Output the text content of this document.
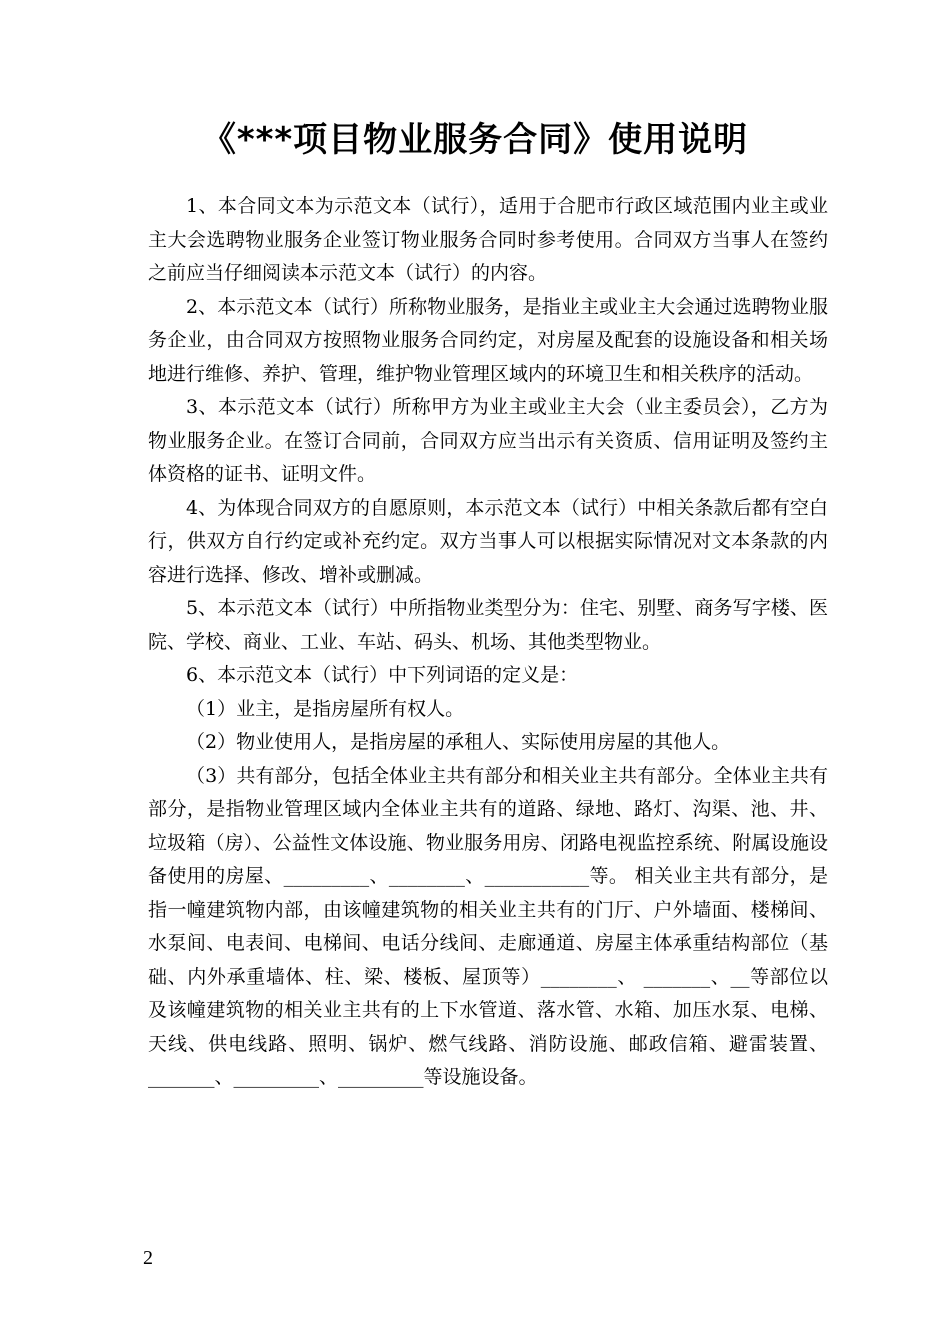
《***项目物业服务合同》使用说明

1、本合同文本为示范文本（试行），适用于合肥市行政区域范围内业主或业主大会选聘物业服务企业签订物业服务合同时参考使用。合同双方当事人在签约之前应当仔细阅读本示范文本（试行）的内容。

2、本示范文本（试行）所称物业服务，是指业主或业主大会通过选聘物业服务企业，由合同双方按照物业服务合同约定，对房屋及配套的设施设备和相关场地进行维修、养护、管理，维护物业管理区域内的环境卫生和相关秩序的活动。

3、本示范文本（试行）所称甲方为业主或业主大会（业主委员会），乙方为物业服务企业。在签订合同前，合同双方应当出示有关资质、信用证明及签约主体资格的证书、证明文件。

4、为体现合同双方的自愿原则，本示范文本（试行）中相关条款后都有空白行，供双方自行约定或补充约定。双方当事人可以根据实际情况对文本条款的内容进行选择、修改、增补或删减。

5、本示范文本（试行）中所指物业类型分为：住宅、别墅、商务写字楼、医院、学校、商业、工业、车站、码头、机场、其他类型物业。

6、本示范文本（试行）中下列词语的定义是：

（1）业主，是指房屋所有权人。

（2）物业使用人，是指房屋的承租人、实际使用房屋的其他人。

（3）共有部分，包括全体业主共有部分和相关业主共有部分。全体业主共有部分，是指物业管理区域内全体业主共有的道路、绿地、路灯、沟渠、池、井、垃圾箱（房）、公益性文体设施、物业服务用房、闭路电视监控系统、附属设施设备使用的房屋、_________、________、___________等。 相关业主共有部分，是指一幢建筑物内部，由该幢建筑物的相关业主共有的门厅、户外墙面、楼梯间、水泵间、电表间、电梯间、电话分线间、走廊通道、房屋主体承重结构部位（基础、内外承重墙体、柱、梁、楼板、屋顶等）________、 _______、__等部位以及该幢建筑物的相关业主共有的上下水管道、落水管、水箱、加压水泵、电梯、天线、供电线路、照明、锅炉、燃气线路、消防设施、邮政信箱、避雷装置、_______、_________、_________等设施设备。

2
